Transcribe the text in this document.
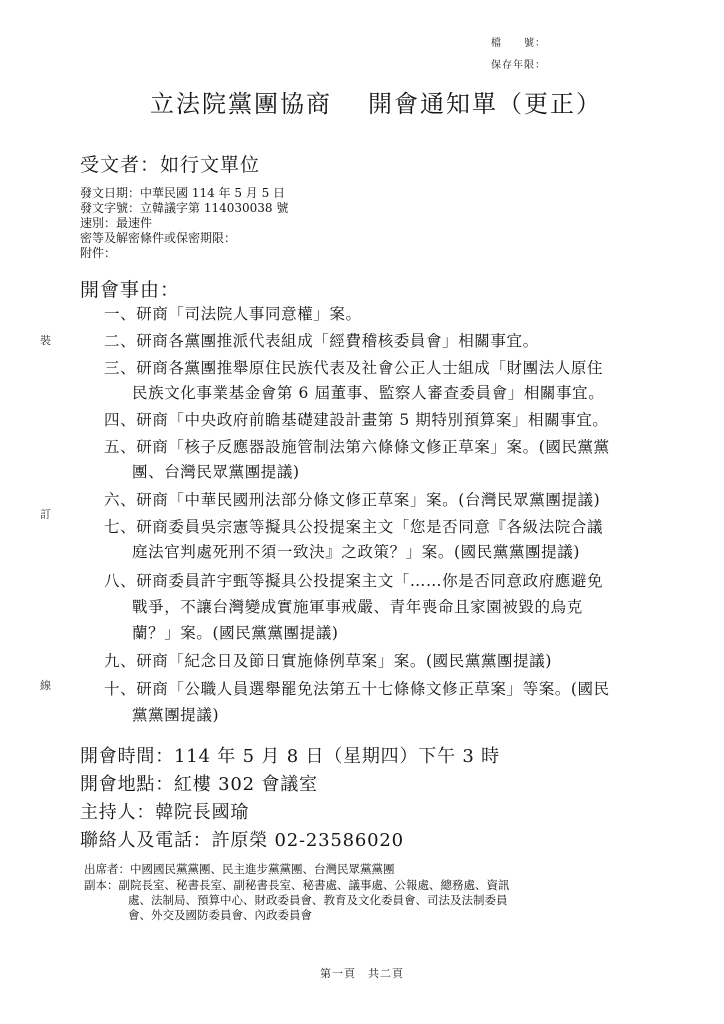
檔　　號：
保存年限：
立法院黨團協商 開會通知單（更正）
受文者：如行文單位
發文日期：中華民國 114 年 5 月 5 日
發文字號：立韓議字第 114030038 號
速別：最速件
密等及解密條件或保密期限：
附件：
開會事由：
一、研商「司法院人事同意權」案。
二、研商各黨團推派代表組成「經費稽核委員會」相關事宜。
三、研商各黨團推舉原住民族代表及社會公正人士組成「財團法人原住
民族文化事業基金會第 6 屆董事、監察人審查委員會」相關事宜。
四、研商「中央政府前瞻基礎建設計畫第 5 期特別預算案」相關事宜。
五、研商「核子反應器設施管制法第六條條文修正草案」案。(國民黨黨
團、台灣民眾黨團提議)
六、研商「中華民國刑法部分條文修正草案」案。(台灣民眾黨團提議)
七、研商委員吳宗憲等擬具公投提案主文「您是否同意『各級法院合議
庭法官判處死刑不須一致決』之政策？」案。(國民黨黨團提議)
八、研商委員許宇甄等擬具公投提案主文「……你是否同意政府應避免
戰爭，不讓台灣變成實施軍事戒嚴、青年喪命且家園被毀的烏克
蘭？」案。(國民黨黨團提議)
九、研商「紀念日及節日實施條例草案」案。(國民黨黨團提議)
十、研商「公職人員選舉罷免法第五十七條條文修正草案」等案。(國民
黨黨團提議)
開會時間：114 年 5 月 8 日（星期四）下午 3 時
開會地點：紅樓 302 會議室
主持人：韓院長國瑜
聯絡人及電話：許原榮 02-23586020
出席者：中國國民黨黨團、民主進步黨黨團、台灣民眾黨黨團
副本：副院長室、秘書長室、副秘書長室、秘書處、議事處、公報處、總務處、資訊
處、法制局、預算中心、財政委員會、教育及文化委員會、司法及法制委員
會、外交及國防委員會、內政委員會
裝
訂
線
第一頁　共二頁
